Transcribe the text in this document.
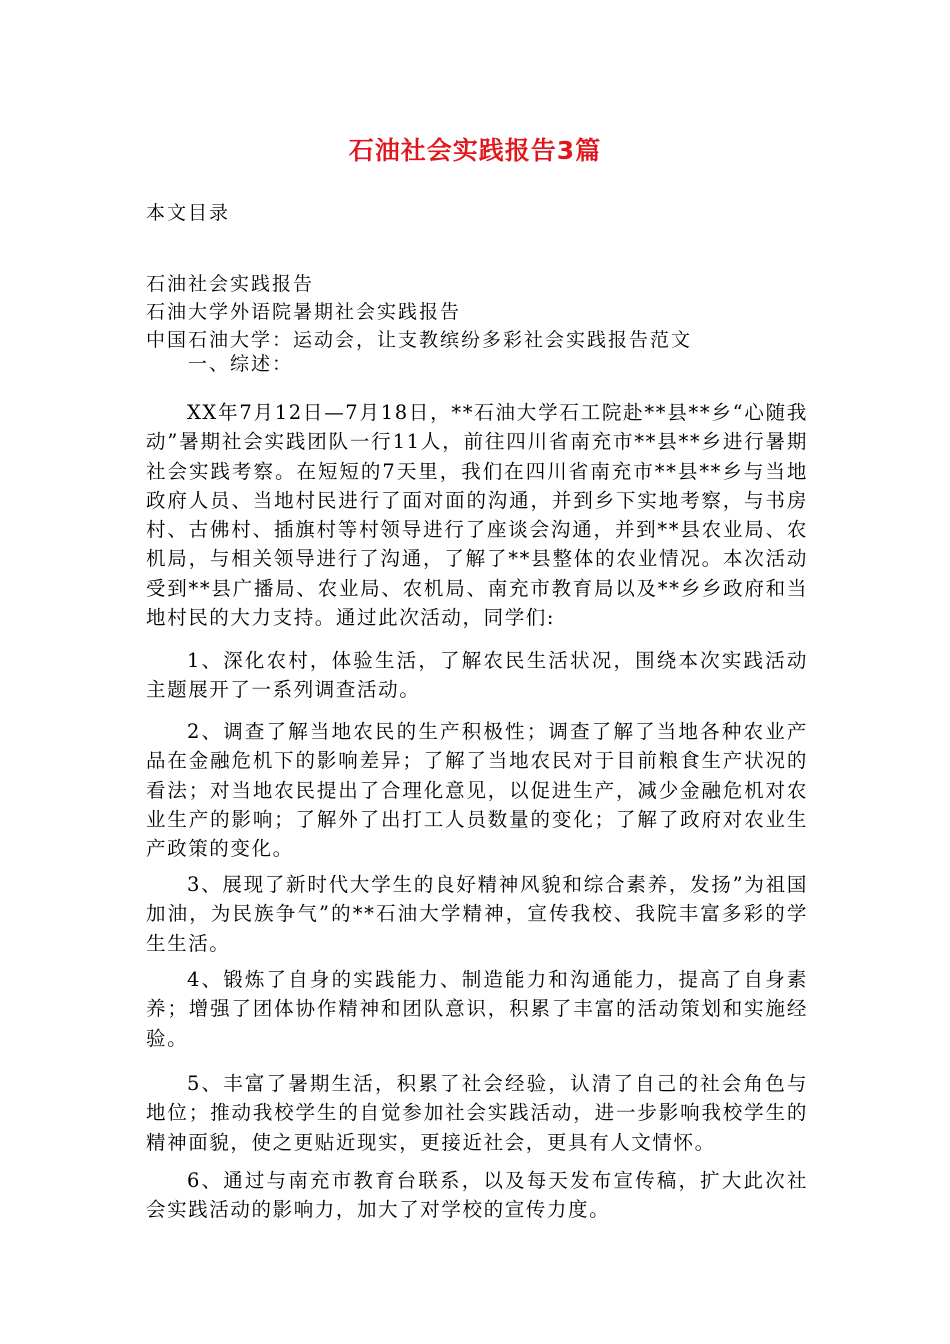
石油社会实践报告3篇
本文目录
石油社会实践报告
石油大学外语院暑期社会实践报告
中国石油大学：运动会，让支教缤纷多彩社会实践报告范文
一、综述：

XX年7月12日—7月18日，**石油大学石工院赴**县**乡“心随我动”暑期社会实践团队一行11人，前往四川省南充市**县**乡进行暑期社会实践考察。在短短的7天里，我们在四川省南充市**县**乡与当地政府人员、当地村民进行了面对面的沟通，并到乡下实地考察，与书房村、古佛村、插旗村等村领导进行了座谈会沟通，并到**县农业局、农机局，与相关领导进行了沟通，了解了**县整体的农业情况。本次活动受到**县广播局、农业局、农机局、南充市教育局以及**乡乡政府和当地村民的大力支持。通过此次活动，同学们:

1、深化农村，体验生活，了解农民生活状况，围绕本次实践活动主题展开了一系列调查活动。

2、调查了解当地农民的生产积极性；调查了解了当地各种农业产品在金融危机下的影响差异；了解了当地农民对于目前粮食生产状况的看法；对当地农民提出了合理化意见，以促进生产，减少金融危机对农业生产的影响；了解外了出打工人员数量的变化；了解了政府对农业生产政策的变化。

3、展现了新时代大学生的良好精神风貌和综合素养，发扬”为祖国加油，为民族争气”的**石油大学精神，宣传我校、我院丰富多彩的学生生活。

4、锻炼了自身的实践能力、制造能力和沟通能力，提高了自身素养；增强了团体协作精神和团队意识，积累了丰富的活动策划和实施经验。

5、丰富了暑期生活，积累了社会经验，认清了自己的社会角色与地位；推动我校学生的自觉参加社会实践活动，进一步影响我校学生的精神面貌，使之更贴近现实，更接近社会，更具有人文情怀。

6、通过与南充市教育台联系，以及每天发布宣传稿，扩大此次社会实践活动的影响力，加大了对学校的宣传力度。
